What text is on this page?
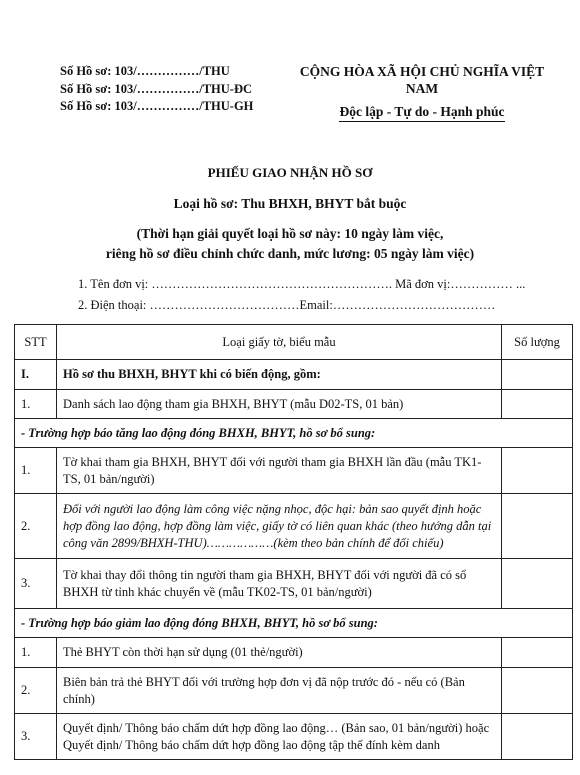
Số Hồ sơ: 103/……………/THU
Số Hồ sơ: 103/……………/THU-ĐC
Số Hồ sơ: 103/……………/THU-GH
CỘNG HÒA XÃ HỘI CHỦ NGHĨA VIỆT NAM
Độc lập - Tự do - Hạnh phúc
PHIẾU GIAO NHẬN HỒ SƠ
Loại hồ sơ: Thu BHXH, BHYT bắt buộc
(Thời hạn giải quyết loại hồ sơ này: 10 ngày làm việc,
riêng hồ sơ điều chỉnh chức danh, mức lương: 05 ngày làm việc)
1. Tên đơn vị: …………………………………………………. Mã đơn vị:…………… ...
2. Điện thoại: ………………………………Email:…………………………………
STT	Loại giấy tờ, biểu mẫu	Số lượng
I.	Hồ sơ thu BHXH, BHYT khi có biến động, gồm:	
1.	Danh sách lao động tham gia BHXH, BHYT (mẫu D02-TS, 01 bản)	
- Trường hợp báo tăng lao động đóng BHXH, BHYT, hồ sơ bổ sung:		
1.	Tờ khai tham gia BHXH, BHYT đối với người tham gia BHXH lần đầu (mẫu TK1-TS, 01 bản/người)	
2.	Đối với người lao động làm công việc nặng nhọc, độc hại: bản sao quyết định hoặc hợp đồng lao động, hợp đồng làm việc, giấy tờ có liên quan khác (theo hướng dẫn tại công văn 2899/BHXH-THU)………………(kèm theo bản chính để đối chiếu)	
3.	Tờ khai thay đổi thông tin người tham gia BHXH, BHYT đối với người đã có sổ BHXH từ tỉnh khác chuyển về (mẫu TK02-TS, 01 bản/người)	
- Trường hợp báo giảm lao động đóng BHXH, BHYT, hồ sơ bổ sung:		
1.	Thẻ BHYT còn thời hạn sử dụng (01 thẻ/người)	
2.	Biên bản trả thẻ BHYT đối với trường hợp đơn vị đã nộp trước đó - nếu có (Bản chính)	
3.	Quyết định/ Thông báo chấm dứt hợp đồng lao động… (Bản sao, 01 bản/người) hoặc Quyết định/ Thông báo chấm dứt hợp đồng lao động tập thể đính kèm danh	
